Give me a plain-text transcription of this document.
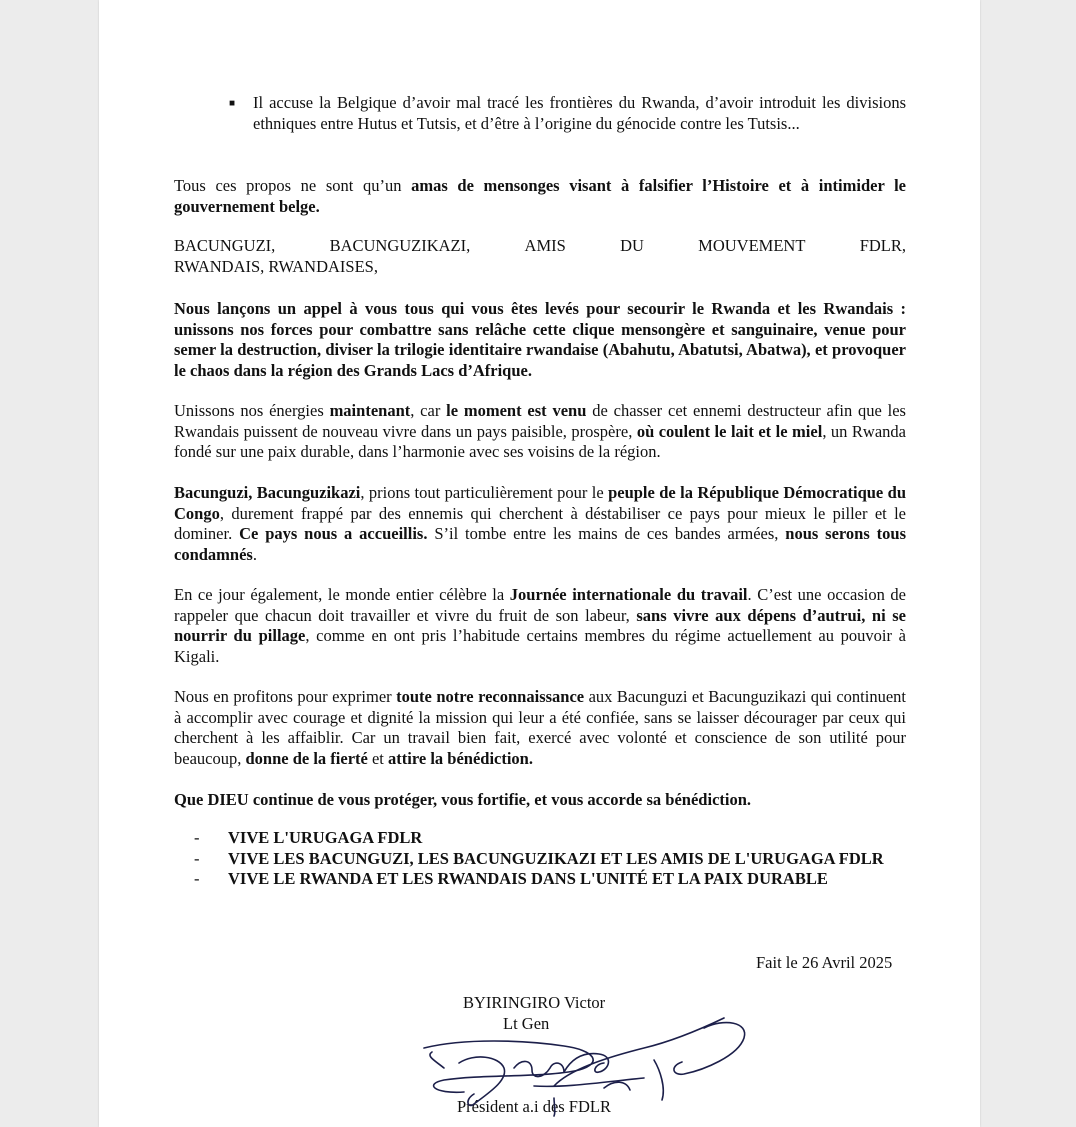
■ Il accuse la Belgique d’avoir mal tracé les frontières du Rwanda, d’avoir introduit les divisions ethniques entre Hutus et Tutsis, et d’être à l’origine du génocide contre les Tutsis...

Tous ces propos ne sont qu’un amas de mensonges visant à falsifier l’Histoire et à intimider le gouvernement belge.

BACUNGUZI,	BACUNGUZIKAZI,	AMIS	DU	MOUVEMENT	FDLR,
RWANDAIS, RWANDAISES,

Nous lançons un appel à vous tous qui vous êtes levés pour secourir le Rwanda et les Rwandais : unissons nos forces pour combattre sans relâche cette clique mensongère et sanguinaire, venue pour semer la destruction, diviser la trilogie identitaire rwandaise (Abahutu, Abatutsi, Abatwa), et provoquer le chaos dans la région des Grands Lacs d’Afrique.

Unissons nos énergies maintenant, car le moment est venu de chasser cet ennemi destructeur afin que les Rwandais puissent de nouveau vivre dans un pays paisible, prospère, où coulent le lait et le miel, un Rwanda fondé sur une paix durable, dans l’harmonie avec ses voisins de la région.

Bacunguzi, Bacunguzikazi, prions tout particulièrement pour le peuple de la République Démocratique du Congo, durement frappé par des ennemis qui cherchent à déstabiliser ce pays pour mieux le piller et le dominer. Ce pays nous a accueillis. S’il tombe entre les mains de ces bandes armées, nous serons tous condamnés.

En ce jour également, le monde entier célèbre la Journée internationale du travail. C’est une occasion de rappeler que chacun doit travailler et vivre du fruit de son labeur, sans vivre aux dépens d’autrui, ni se nourrir du pillage, comme en ont pris l’habitude certains membres du régime actuellement au pouvoir à Kigali.

Nous en profitons pour exprimer toute notre reconnaissance aux Bacunguzi et Bacunguzikazi qui continuent à accomplir avec courage et dignité la mission qui leur a été confiée, sans se laisser décourager par ceux qui cherchent à les affaiblir. Car un travail bien fait, exercé avec volonté et conscience de son utilité pour beaucoup, donne de la fierté et attire la bénédiction.

Que DIEU continue de vous protéger, vous fortifie, et vous accorde sa bénédiction.

- VIVE L'URUGAGA FDLR
- VIVE LES BACUNGUZI, LES BACUNGUZIKAZI ET LES AMIS DE L'URUGAGA FDLR
- VIVE LE RWANDA ET LES RWANDAIS DANS L'UNITÉ ET LA PAIX DURABLE
Fait le 26 Avril 2025
BYIRINGIRO Victor
Lt Gen
Président a.i des FDLR
